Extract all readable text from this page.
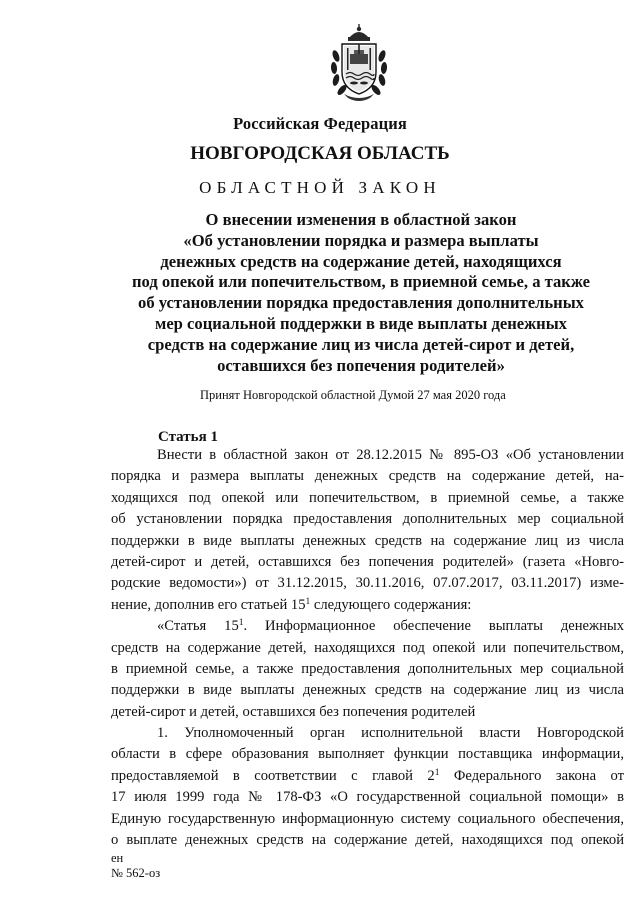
Российская Федерация
НОВГОРОДСКАЯ ОБЛАСТЬ
ОБЛАСТНОЙ ЗАКОН
О внесении изменения в областной закон
«Об установлении порядка и размера выплаты
денежных средств на содержание детей, находящихся
под опекой или попечительством, в приемной семье, а также
об установлении порядка предоставления дополнительных
мер социальной поддержки в виде выплаты денежных
средств на содержание лиц из числа детей-сирот и детей,
оставшихся без попечения родителей»
Принят Новгородской областной Думой 27 мая 2020 года
Статья 1
Внести в областной закон от 28.12.2015 № 895-ОЗ «Об установлении
порядка и размера выплаты денежных средств на содержание детей, на-
ходящихся под опекой или попечительством, в приемной семье, а также
об установлении порядка предоставления дополнительных мер социальной
поддержки в виде выплаты денежных средств на содержание лиц из числа
детей-сирот и детей, оставшихся без попечения родителей» (газета «Новго-
родские ведомости») от 31.12.2015, 30.11.2016, 07.07.2017, 03.11.2017) изме-
нение, дополнив его статьей $15^1$ следующего содержания:
«Статья $15^1$. Информационное обеспечение выплаты денежных
средств на содержание детей, находящихся под опекой или попечительством,
в приемной семье, а также предоставления дополнительных мер социальной
поддержки в виде выплаты денежных средств на содержание лиц из числа
детей-сирот и детей, оставшихся без попечения родителей
1. Уполномоченный орган исполнительной власти Новгородской
области в сфере образования выполняет функции поставщика информации,
предоставляемой в соответствии с главой $2^1$ Федерального закона от
17 июля 1999 года № 178-ФЗ «О государственной социальной помощи» в
Единую государственную информационную систему социального обеспечения,
о выплате денежных средств на содержание детей, находящихся под опекой
ен
№ 562-оз
